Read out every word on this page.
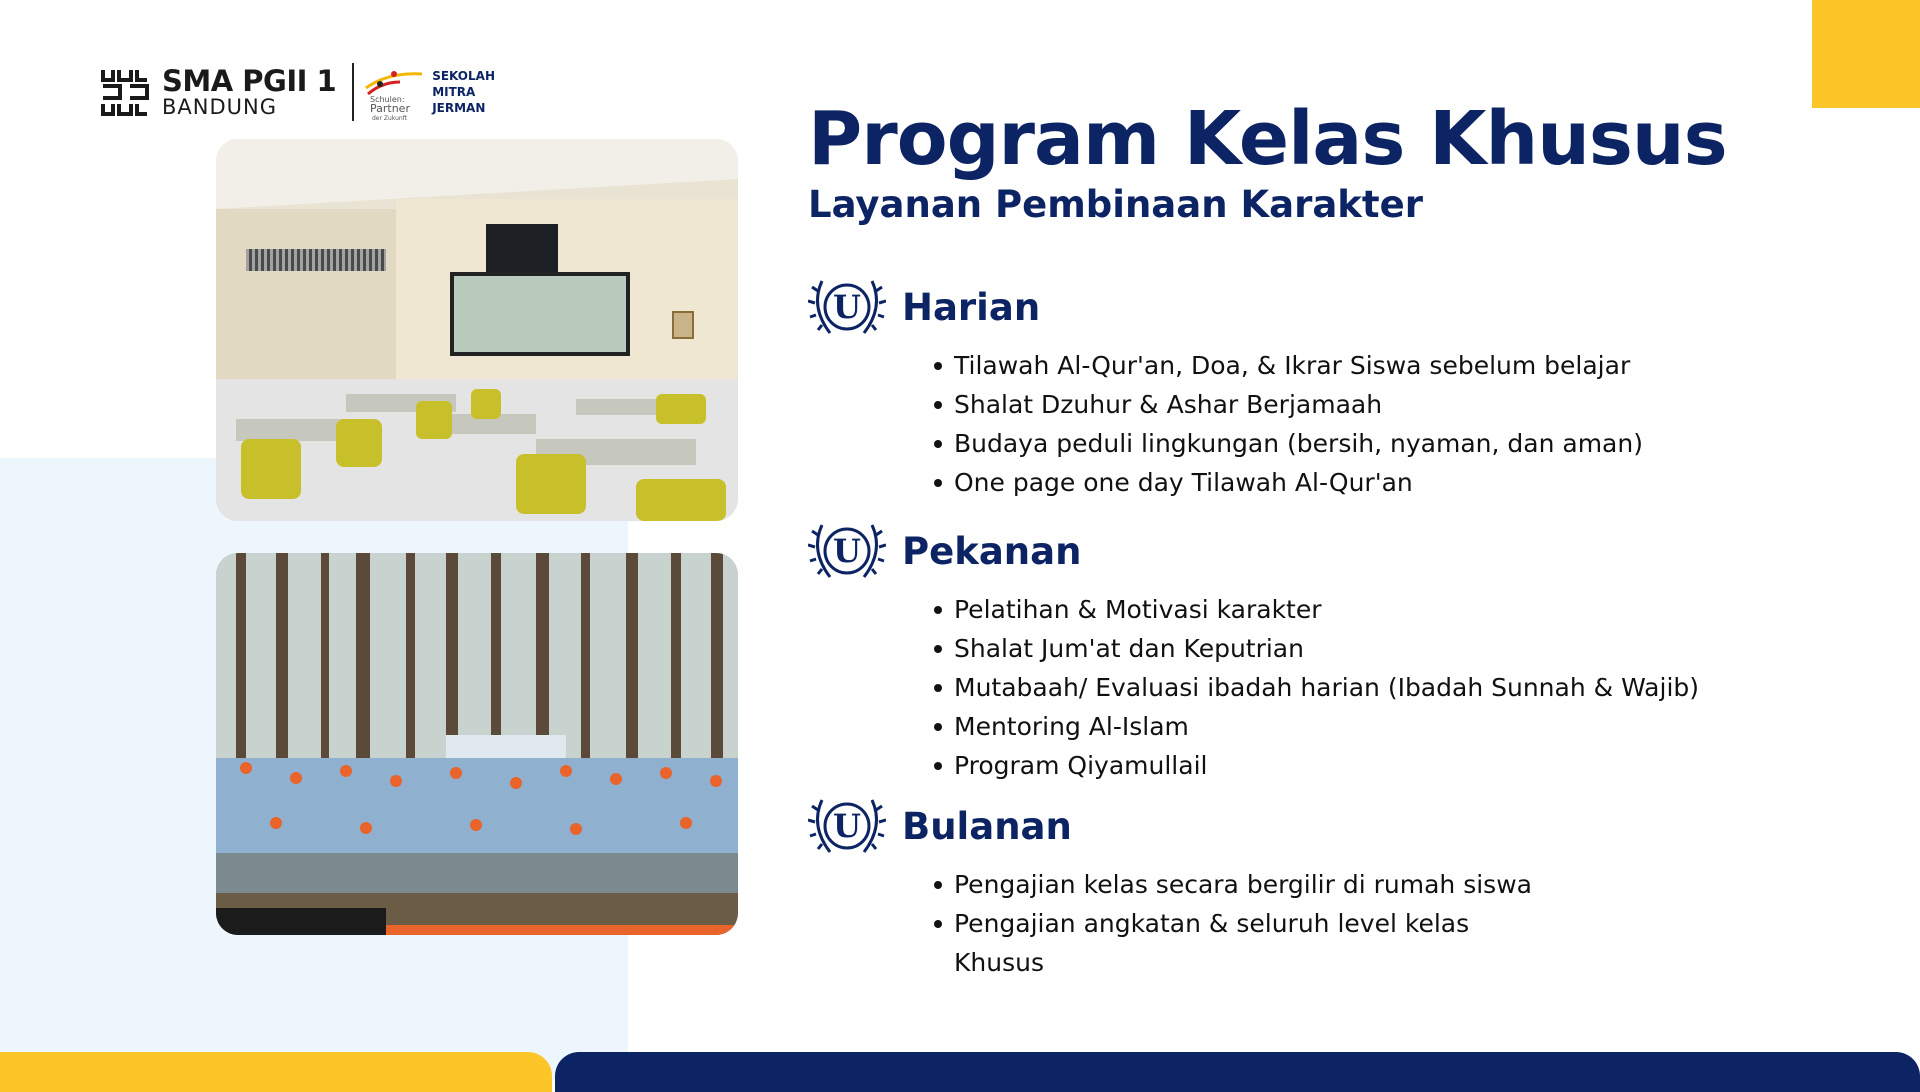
SMA PGII 1
BANDUNG	Schulen:
Partner
der Zukunft
SEKOLAH
MITRA
JERMAN	Program Kelas Khusus
Layanan Pembinaan Karakter
U Harian
Tilawah Al-Qur'an, Doa, & Ikrar Siswa sebelum belajar
Shalat Dzuhur & Ashar Berjamaah
Budaya peduli lingkungan (bersih, nyaman, dan aman)
One page one day Tilawah Al-Qur'an
U Pekanan
Pelatihan & Motivasi karakter
Shalat Jum'at dan Keputrian
Mutabaah/ Evaluasi ibadah harian (Ibadah Sunnah & Wajib)
Mentoring Al-Islam
Program Qiyamullail
U Bulanan
Pengajian kelas secara bergilir di rumah siswa
Pengajian angkatan & seluruh level kelas Khusus
